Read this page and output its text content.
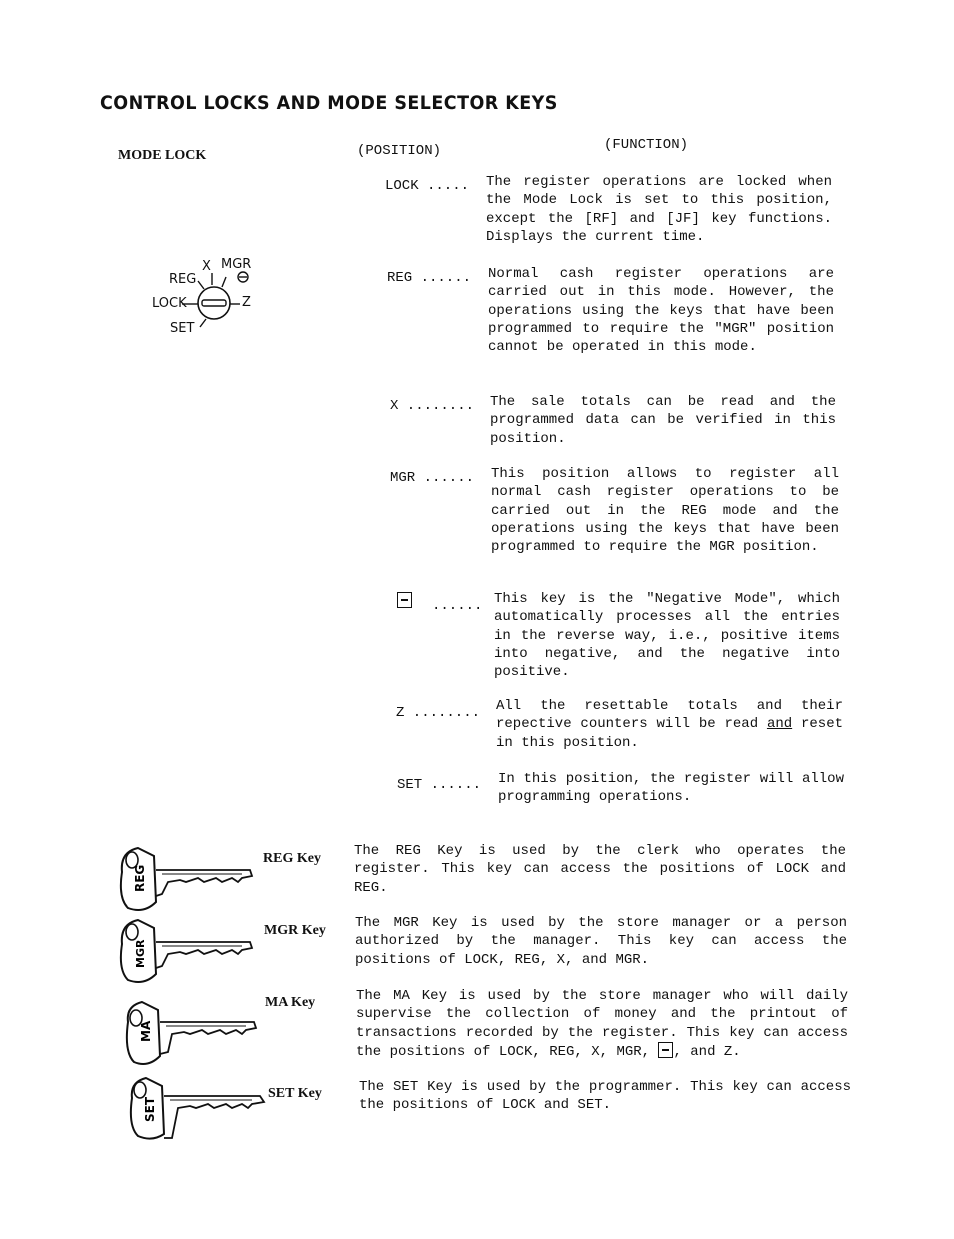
CONTROL LOCKS AND MODE SELECTOR KEYS
MODE LOCK	(POSITION)	(FUNCTION)
X MGR
REG
LOCK	Z
SET
LOCK ..... The register operations are locked when the Mode Lock is set to this position, except the [RF] and [JF] key functions. Displays the current time.
REG ...... Normal cash register operations are carried out in this mode. However, the operations using the keys that have been programmed to require the "MGR" position cannot be operated in this mode.
X ........ The sale totals can be read and the programmed data can be verified in this position.
MGR ...... This position allows to register all normal cash register operations to be carried out in the REG mode and the operations using the keys that have been programmed to require the MGR position.
...... This key is the "Negative Mode", which automatically processes all the entries in the reverse way, i.e., positive items into negative, and the negative into positive.
Z ........ All the resettable totals and their repective counters will be read and reset in this position.
SET ...... In this position, the register will allow programming operations.
REG
MGR
MA
SET
REG Key The REG Key is used by the clerk who operates the register. This key can access the positions of LOCK and REG.
MGR Key The MGR Key is used by the store manager or a person authorized by the manager. This key can access the positions of LOCK, REG, X, and MGR.
MA Key	The MA Key is used by the store manager who will daily supervise the collection of money and the printout of transactions recorded by the register. This key can access the positions of LOCK, REG, X, MGR, , and Z.
SET Key	The SET Key is used by the programmer. This key can access the positions of LOCK and SET.
